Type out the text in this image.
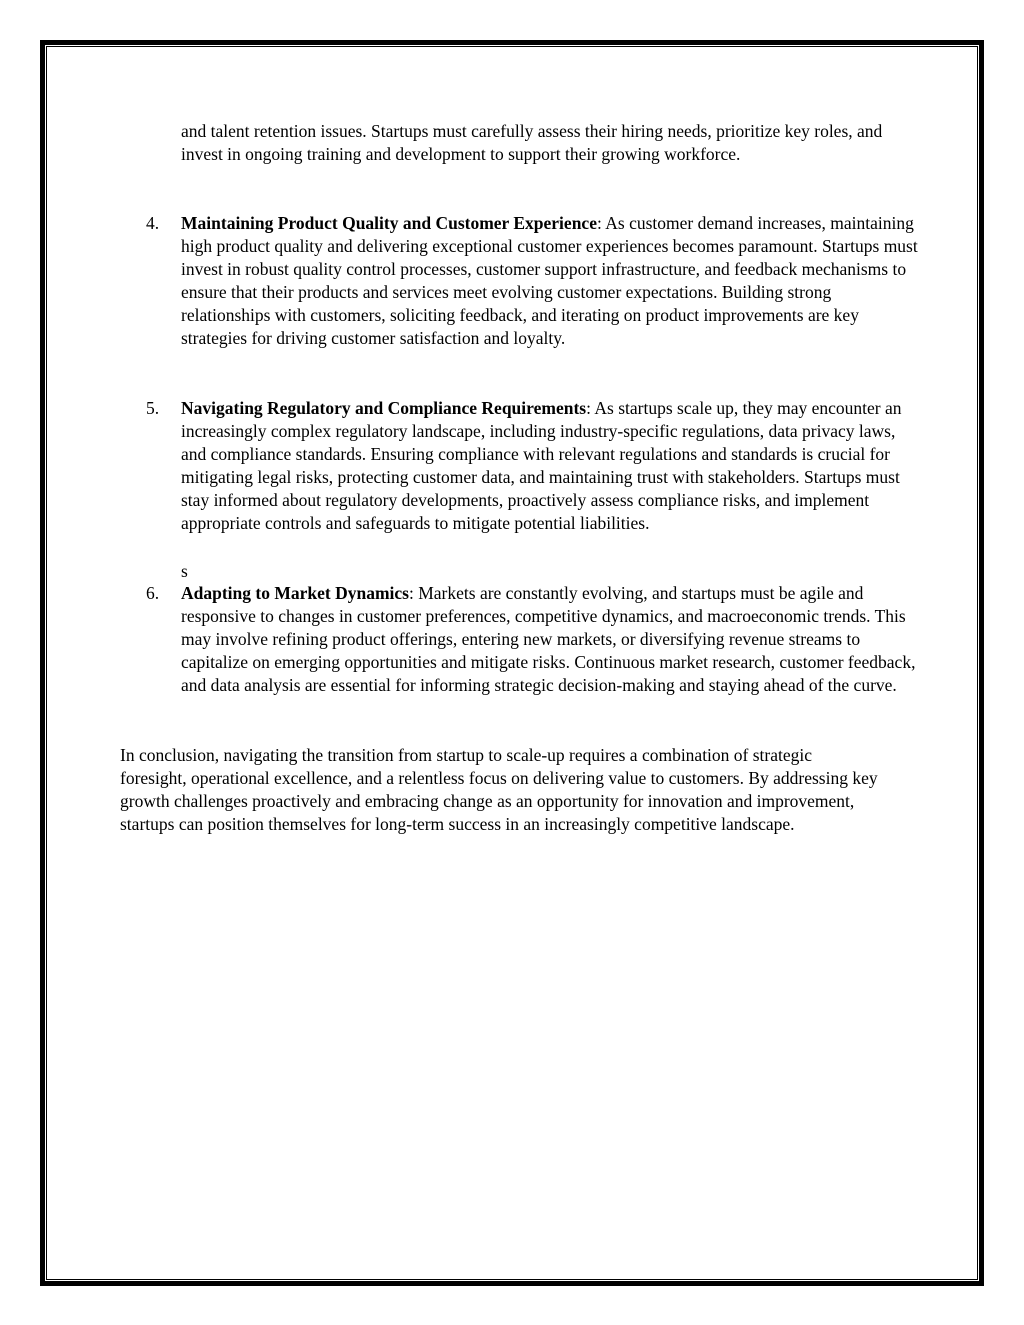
and talent retention issues. Startups must carefully assess their hiring needs, prioritize key roles, and invest in ongoing training and development to support their growing workforce.

4.	Maintaining Product Quality and Customer Experience: As customer demand increases, maintaining high product quality and delivering exceptional customer experiences becomes paramount. Startups must invest in robust quality control processes, customer support infrastructure, and feedback mechanisms to ensure that their products and services meet evolving customer expectations. Building strong relationships with customers, soliciting feedback, and iterating on product improvements are key strategies for driving customer satisfaction and loyalty.
5.	Navigating Regulatory and Compliance Requirements: As startups scale up, they may encounter an increasingly complex regulatory landscape, including industry-specific regulations, data privacy laws, and compliance standards. Ensuring compliance with relevant regulations and standards is crucial for mitigating legal risks, protecting customer data, and maintaining trust with stakeholders. Startups must stay informed about regulatory developments, proactively assess compliance risks, and implement appropriate controls and safeguards to mitigate potential liabilities.
s
6.	Adapting to Market Dynamics: Markets are constantly evolving, and startups must be agile and responsive to changes in customer preferences, competitive dynamics, and macroeconomic trends. This may involve refining product offerings, entering new markets, or diversifying revenue streams to capitalize on emerging opportunities and mitigate risks. Continuous market research, customer feedback, and data analysis are essential for informing strategic decision-making and staying ahead of the curve.

In conclusion, navigating the transition from startup to scale-up requires a combination of strategic foresight, operational excellence, and a relentless focus on delivering value to customers. By addressing key growth challenges proactively and embracing change as an opportunity for innovation and improvement, startups can position themselves for long-term success in an increasingly competitive landscape.
